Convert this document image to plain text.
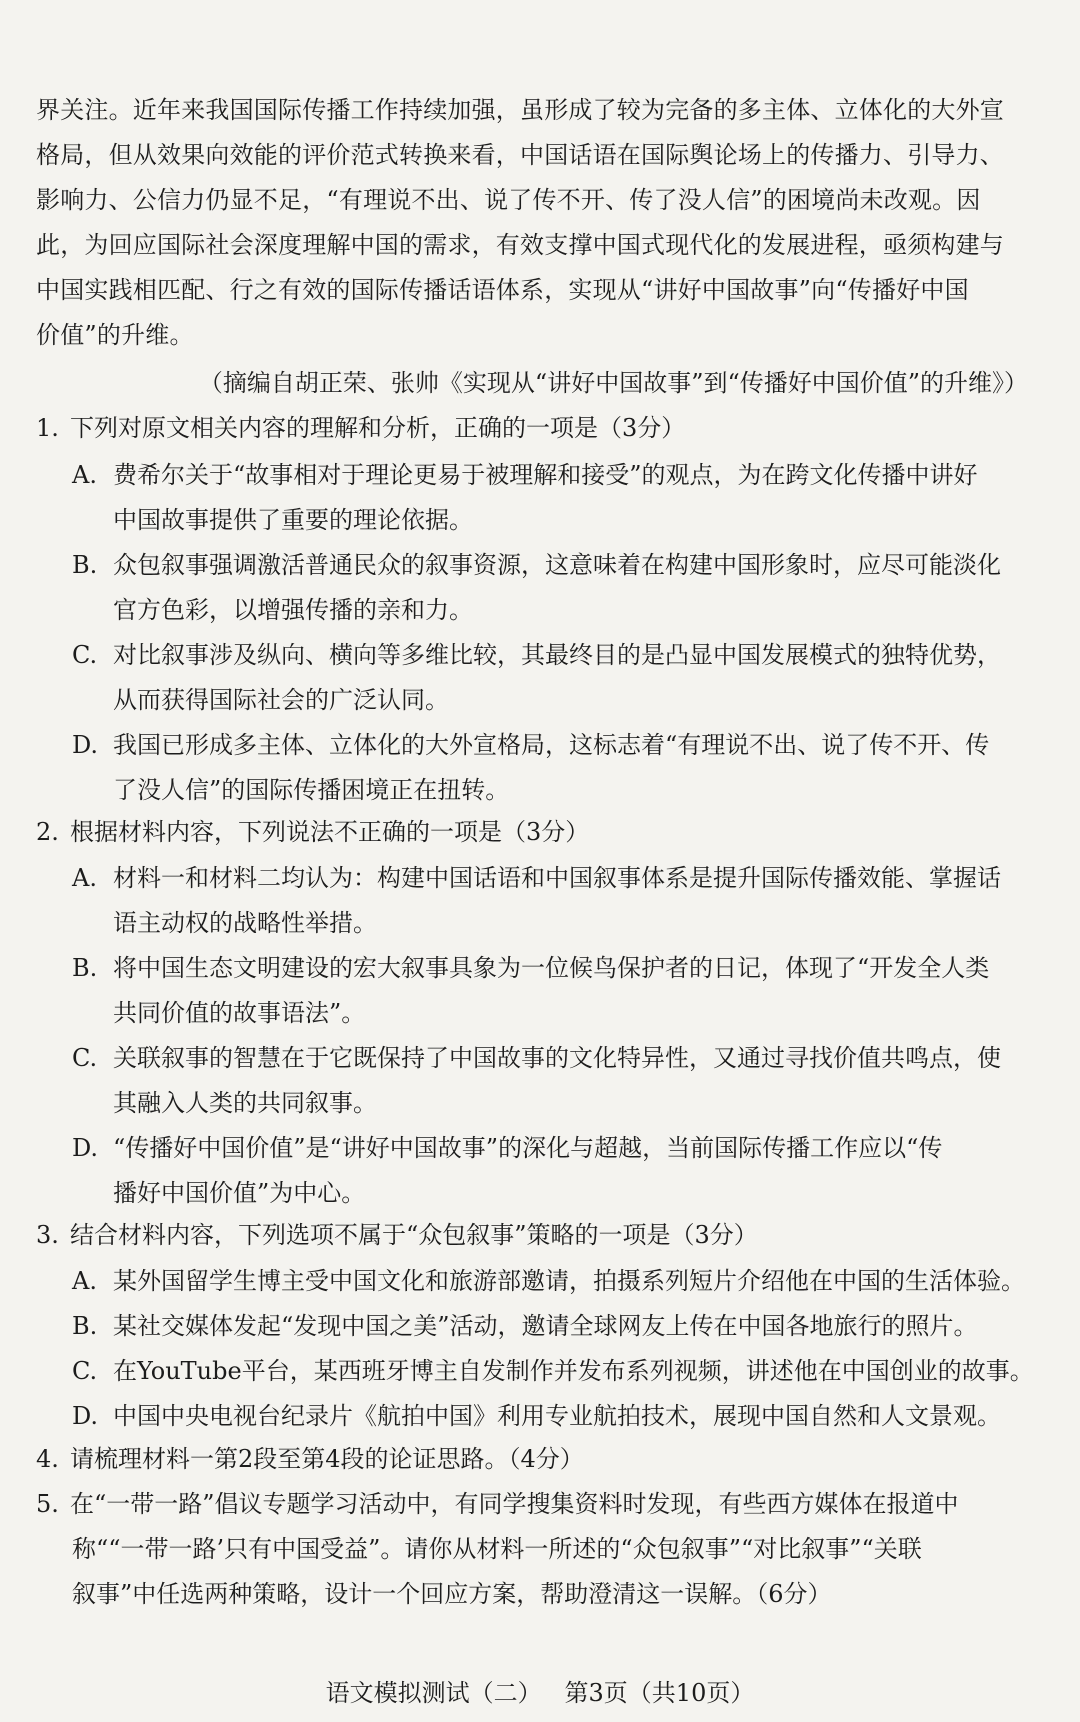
界关注。近年来我国国际传播工作持续加强，虽形成了较为完备的多主体、立体化的大外宣
格局，但从效果向效能的评价范式转换来看，中国话语在国际舆论场上的传播力、引导力、
影响力、公信力仍显不足，“有理说不出、说了传不开、传了没人信”的困境尚未改观。因
此，为回应国际社会深度理解中国的需求，有效支撑中国式现代化的发展进程，亟须构建与
中国实践相匹配、行之有效的国际传播话语体系，实现从“讲好中国故事”向“传播好中国
价值”的升维。
（摘编自胡正荣、张帅《实现从“讲好中国故事”到“传播好中国价值”的升维》）
1. 下列对原文相关内容的理解和分析，正确的一项是（3分）
A. 费希尔关于“故事相对于理论更易于被理解和接受”的观点，为在跨文化传播中讲好
中国故事提供了重要的理论依据。
B. 众包叙事强调激活普通民众的叙事资源，这意味着在构建中国形象时，应尽可能淡化
官方色彩，以增强传播的亲和力。
C. 对比叙事涉及纵向、横向等多维比较，其最终目的是凸显中国发展模式的独特优势，
从而获得国际社会的广泛认同。
D. 我国已形成多主体、立体化的大外宣格局，这标志着“有理说不出、说了传不开、传
了没人信”的国际传播困境正在扭转。
2. 根据材料内容，下列说法不正确的一项是（3分）
A. 材料一和材料二均认为：构建中国话语和中国叙事体系是提升国际传播效能、掌握话
语主动权的战略性举措。
B. 将中国生态文明建设的宏大叙事具象为一位候鸟保护者的日记，体现了“开发全人类
共同价值的故事语法”。
C. 关联叙事的智慧在于它既保持了中国故事的文化特异性，又通过寻找价值共鸣点，使
其融入人类的共同叙事。
D. “传播好中国价值”是“讲好中国故事”的深化与超越，当前国际传播工作应以“传
播好中国价值”为中心。
3. 结合材料内容，下列选项不属于“众包叙事”策略的一项是（3分）
A. 某外国留学生博主受中国文化和旅游部邀请，拍摄系列短片介绍他在中国的生活体验。
B. 某社交媒体发起“发现中国之美”活动，邀请全球网友上传在中国各地旅行的照片。
C. 在YouTube平台，某西班牙博主自发制作并发布系列视频，讲述他在中国创业的故事。
D. 中国中央电视台纪录片《航拍中国》利用专业航拍技术，展现中国自然和人文景观。
4. 请梳理材料一第2段至第4段的论证思路。（4分）
5. 在“一带一路”倡议专题学习活动中，有同学搜集资料时发现，有些西方媒体在报道中
称““一带一路’只有中国受益”。请你从材料一所述的“众包叙事”“对比叙事”“关联
叙事”中任选两种策略，设计一个回应方案，帮助澄清这一误解。（6分）
语文模拟测试（二）   第3页（共10页）
